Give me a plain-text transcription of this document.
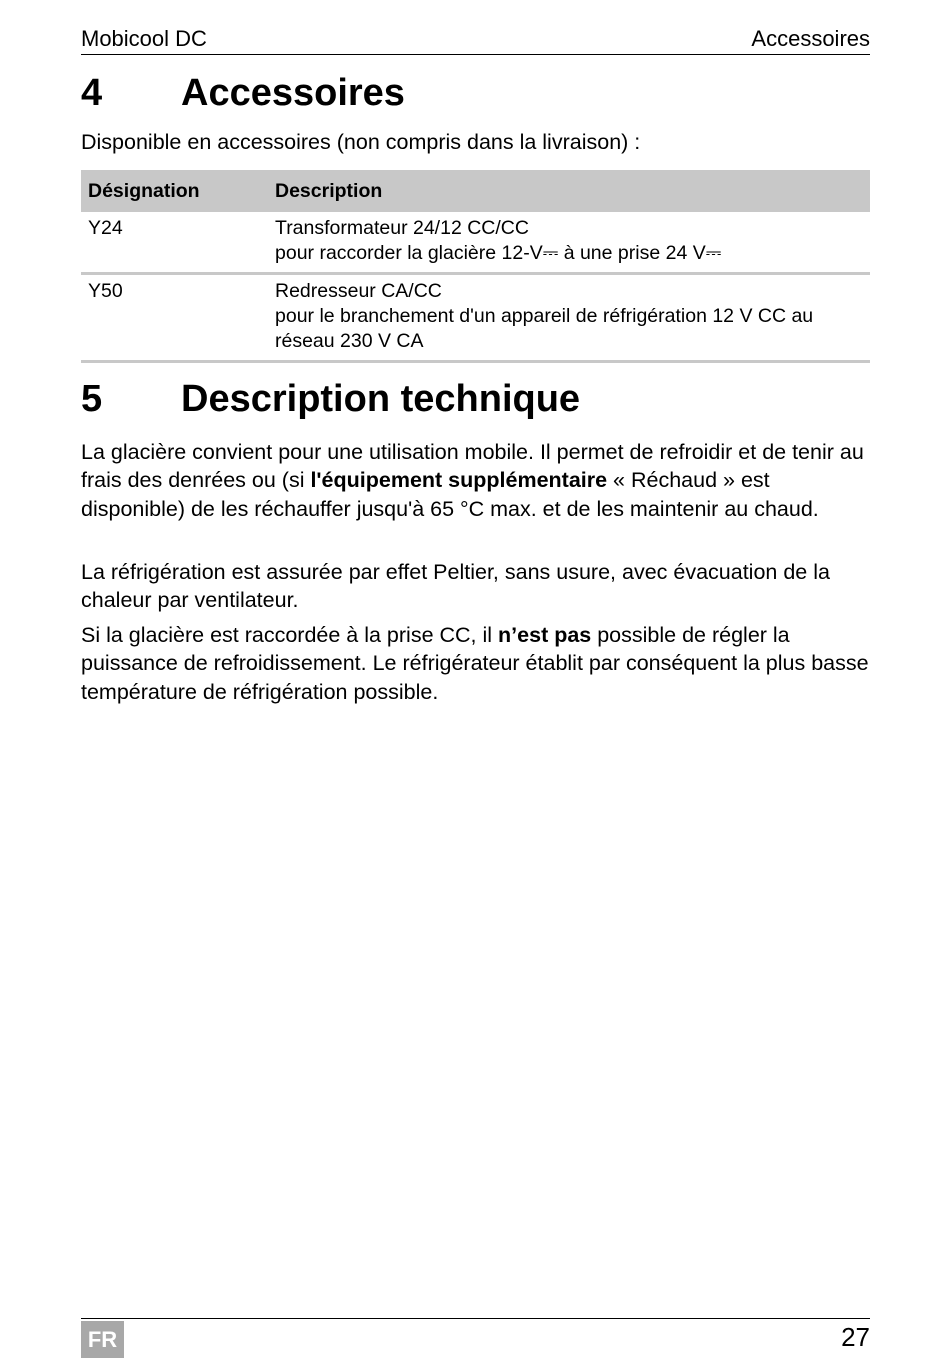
Mobicool DC	Accessoires
4 Accessoires
Disponible en accessoires (non compris dans la livraison) :
Désignation	Description
Y24	Transformateur 24/12 CC/CC
pour raccorder la glacière 12-V⎓ à une prise 24 V⎓

Y50	Redresseur CA/CC
pour le branchement d'un appareil de réfrigération 12 V CC au
réseau 230 V CA
5 Description technique

La glacière convient pour une utilisation mobile. Il permet de refroidir et de tenir au frais des denrées ou (si l'équipement supplémentaire « Réchaud » est disponible) de les réchauffer jusqu'à 65 °C max. et de les maintenir au chaud.

La réfrigération est assurée par effet Peltier, sans usure, avec évacuation de la chaleur par ventilateur.

Si la glacière est raccordée à la prise CC, il n’est pas possible de régler la puissance de refroidissement. Le réfrigérateur établit par conséquent la plus basse température de réfrigération possible.

FR	27
